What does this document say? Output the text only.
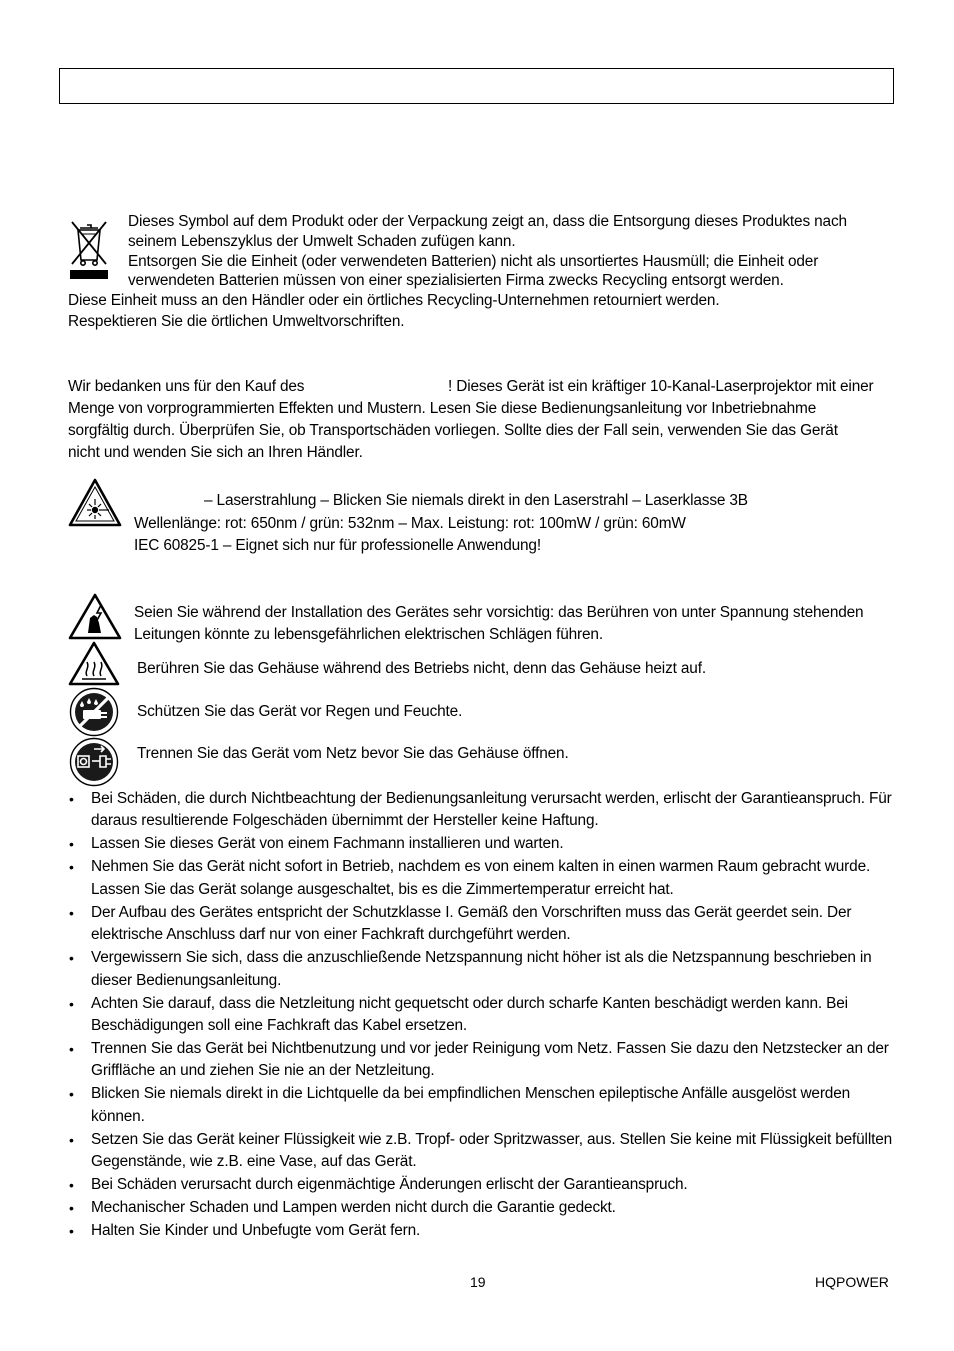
Dieses Symbol auf dem Produkt oder der Verpackung zeigt an, dass die Entsorgung dieses Produktes nach
seinem Lebenszyklus der Umwelt Schaden zufügen kann.
Entsorgen Sie die Einheit (oder verwendeten Batterien) nicht als unsortiertes Hausmüll; die Einheit oder
verwendeten Batterien müssen von einer spezialisierten Firma zwecks Recycling entsorgt werden.
Diese Einheit muss an den Händler oder ein örtliches Recycling-Unternehmen retourniert werden.
Respektieren Sie die örtlichen Umweltvorschriften.
Wir bedanken uns für den Kauf des	! Dieses Gerät ist ein kräftiger 10-Kanal-Laserprojektor mit einer
Menge von vorprogrammierten Effekten und Mustern. Lesen Sie diese Bedienungsanleitung vor Inbetriebnahme
sorgfältig durch. Überprüfen Sie, ob Transportschäden vorliegen. Sollte dies der Fall sein, verwenden Sie das Gerät
nicht und wenden Sie sich an Ihren Händler.
– Laserstrahlung – Blicken Sie niemals direkt in den Laserstrahl – Laserklasse 3B
Wellenlänge: rot: 650nm / grün: 532nm – Max. Leistung: rot: 100mW / grün: 60mW
IEC 60825-1 – Eignet sich nur für professionelle Anwendung!
Seien Sie während der Installation des Gerätes sehr vorsichtig: das Berühren von unter Spannung stehenden
Leitungen könnte zu lebensgefährlichen elektrischen Schlägen führen.
Berühren Sie das Gehäuse während des Betriebs nicht, denn das Gehäuse heizt auf.
Schützen Sie das Gerät vor Regen und Feuchte.
Trennen Sie das Gerät vom Netz bevor Sie das Gehäuse öffnen.
• Bei Schäden, die durch Nichtbeachtung der Bedienungsanleitung verursacht werden, erlischt der Garantieanspruch. Für daraus resultierende Folgeschäden übernimmt der Hersteller keine Haftung.
• Lassen Sie dieses Gerät von einem Fachmann installieren und warten.
• Nehmen Sie das Gerät nicht sofort in Betrieb, nachdem es von einem kalten in einen warmen Raum gebracht wurde. Lassen Sie das Gerät solange ausgeschaltet, bis es die Zimmertemperatur erreicht hat.
• Der Aufbau des Gerätes entspricht der Schutzklasse I. Gemäß den Vorschriften muss das Gerät geerdet sein. Der elektrische Anschluss darf nur von einer Fachkraft durchgeführt werden.
• Vergewissern Sie sich, dass die anzuschließende Netzspannung nicht höher ist als die Netzspannung beschrieben in dieser Bedienungsanleitung.
• Achten Sie darauf, dass die Netzleitung nicht gequetscht oder durch scharfe Kanten beschädigt werden kann. Bei Beschädigungen soll eine Fachkraft das Kabel ersetzen.
• Trennen Sie das Gerät bei Nichtbenutzung und vor jeder Reinigung vom Netz. Fassen Sie dazu den Netzstecker an der Griffläche an und ziehen Sie nie an der Netzleitung.
• Blicken Sie niemals direkt in die Lichtquelle da bei empfindlichen Menschen epileptische Anfälle ausgelöst werden können.
• Setzen Sie das Gerät keiner Flüssigkeit wie z.B. Tropf- oder Spritzwasser, aus. Stellen Sie keine mit Flüssigkeit befüllten Gegenstände, wie z.B. eine Vase, auf das Gerät.
• Bei Schäden verursacht durch eigenmächtige Änderungen erlischt der Garantieanspruch.
• Mechanischer Schaden und Lampen werden nicht durch die Garantie gedeckt.
• Halten Sie Kinder und Unbefugte vom Gerät fern.
19	HQPOWER
